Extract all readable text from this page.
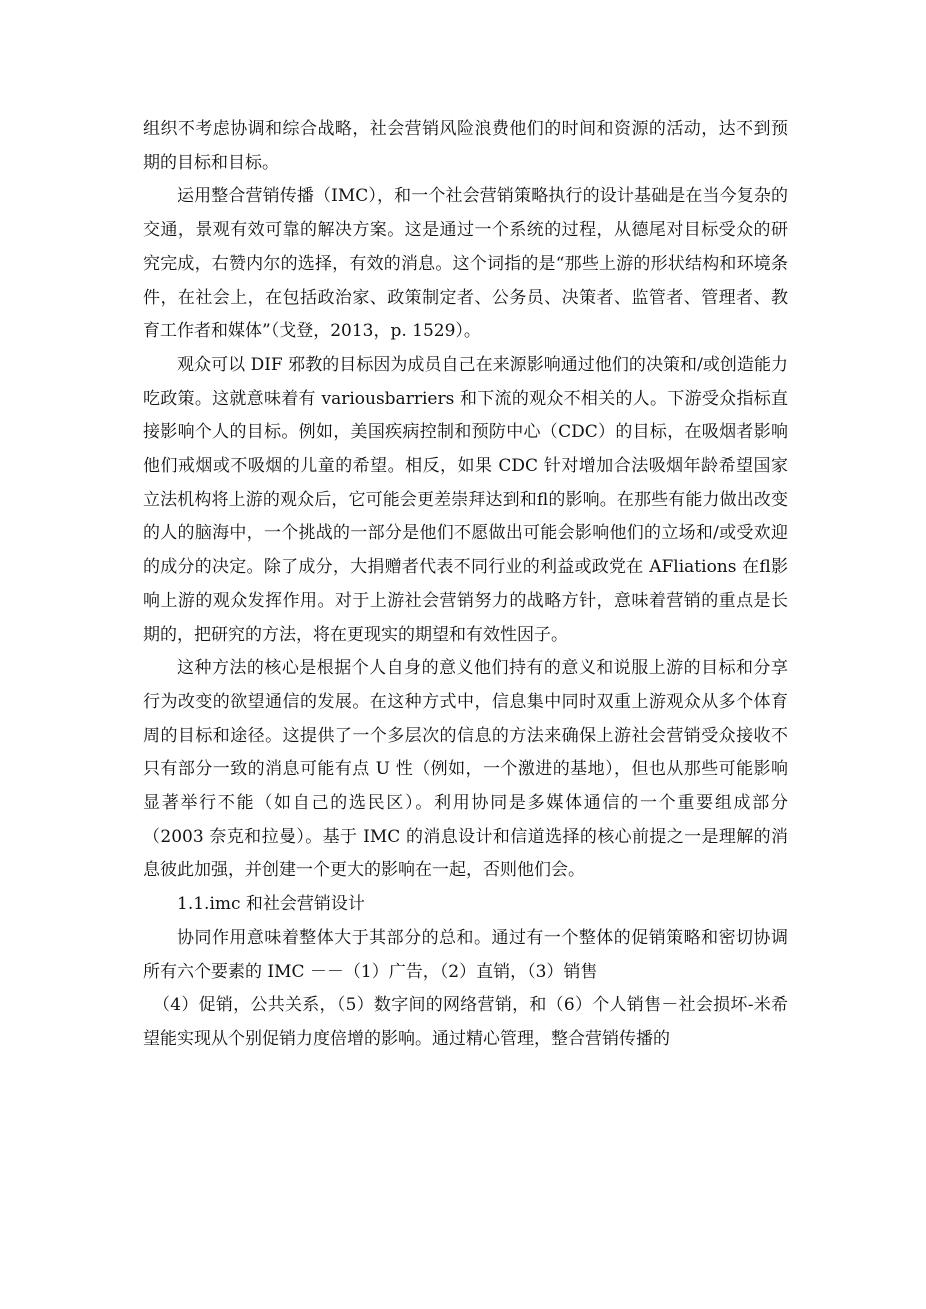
组织不考虑协调和综合战略，社会营销风险浪费他们的时间和资源的活动，达不到预期的目标和目标。

运用整合营销传播（IMC），和一个社会营销策略执行的设计基础是在当今复杂的交通，景观有效可靠的解决方案。这是通过一个系统的过程，从德尾对目标受众的研究完成，右赞内尔的选择，有效的消息。这个词指的是“那些上游的形状结构和环境条件，在社会上，在包括政治家、政策制定者、公务员、决策者、监管者、管理者、教育工作者和媒体”（戈登，2013，p. 1529）。

观众可以 DIF 邪教的目标因为成员自己在来源影响通过他们的决策和/或创造能力吃政策。这就意味着有 variousbarriers 和下流的观众不相关的人。下游受众指标直接影响个人的目标。例如，美国疾病控制和预防中心（CDC）的目标，在吸烟者影响他们戒烟或不吸烟的儿童的希望。相反，如果 CDC 针对增加合法吸烟年龄希望国家立法机构将上游的观众后，它可能会更差崇拜达到和ﬂ的影响。在那些有能力做出改变的人的脑海中，一个挑战的一部分是他们不愿做出可能会影响他们的立场和/或受欢迎的成分的决定。除了成分，大捐赠者代表不同行业的利益或政党在 AFliations 在ﬂ影响上游的观众发挥作用。对于上游社会营销努力的战略方针，意味着营销的重点是长期的，把研究的方法，将在更现实的期望和有效性因子。

这种方法的核心是根据个人自身的意义他们持有的意义和说服上游的目标和分享行为改变的欲望通信的发展。在这种方式中，信息集中同时双重上游观众从多个体育周的目标和途径。这提供了一个多层次的信息的方法来确保上游社会营销受众接收不只有部分一致的消息可能有点 U 性（例如，一个激进的基地），但也从那些可能影响显著举行不能（如自己的选民区）。利用协同是多媒体通信的一个重要组成部分（2003 奈克和拉曼）。基于 IMC 的消息设计和信道选择的核心前提之一是理解的消息彼此加强，并创建一个更大的影响在一起，否则他们会。

1.1.imc 和社会营销设计

协同作用意味着整体大于其部分的总和。通过有一个整体的促销策略和密切协调所有六个要素的 IMC －－（1）广告，（2）直销，（3）销售

（4）促销，公共关系，（5）数字间的网络营销，和（6）个人销售－社会损坏-米希望能实现从个别促销力度倍增的影响。通过精心管理，整合营销传播的
